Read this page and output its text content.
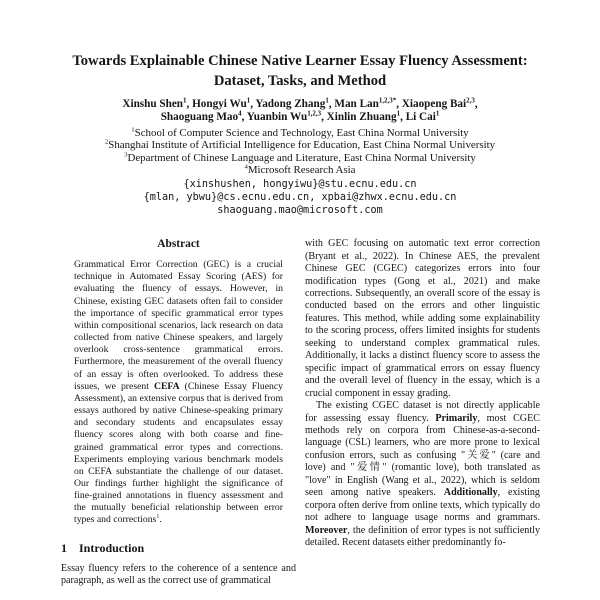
Towards Explainable Chinese Native Learner Essay Fluency Assessment:
Dataset, Tasks, and Method
Xinshu Shen$^1$, Hongyi Wu$^1$, Yadong Zhang$^1$, Man Lan$^{1,2,3*}$, Xiaopeng Bai$^{2,3}$,
Shaoguang Mao$^4$, Yuanbin Wu$^{1,2,3}$, Xinlin Zhuang$^1$, Li Cai$^1$
$^1$School of Computer Science and Technology, East China Normal University
$^2$Shanghai Institute of Artificial Intelligence for Education, East China Normal University
$^3$Department of Chinese Language and Literature, East China Normal University
$^4$Microsoft Research Asia
{xinshushen, hongyiwu}@stu.ecnu.edu.cn
{mlan, ybwu}@cs.ecnu.edu.cn, xpbai@zhwx.ecnu.edu.cn
shaoguang.mao@microsoft.com
Abstract

Grammatical Error Correction (GEC) is a crucial technique in Automated Essay Scoring (AES) for evaluating the fluency of essays. However, in Chinese, existing GEC datasets often fail to consider the importance of specific grammatical error types within compositional scenarios, lack research on data collected from native Chinese speakers, and largely overlook cross-sentence grammatical errors. Furthermore, the measurement of the overall fluency of an essay is often overlooked. To address these issues, we present CEFA (Chinese Essay Fluency Assessment), an extensive corpus that is derived from essays authored by native Chinese-speaking primary and secondary students and encapsulates essay fluency scores along with both coarse and fine-grained grammatical error types and corrections. Experiments employing various benchmark models on CEFA substantiate the challenge of our dataset. Our findings further highlight the significance of fine-grained annotations in fluency assessment and the mutually beneficial relationship between error types and corrections$^1$.

1 Introduction

Essay fluency refers to the coherence of a sentence and paragraph, as well as the correct use of grammatical

with GEC focusing on automatic text error correction (Bryant et al., 2022). In Chinese AES, the prevalent Chinese GEC (CGEC) categorizes errors into four modification types (Gong et al., 2021) and make corrections. Subsequently, an overall score of the essay is conducted based on the errors and other linguistic features. This method, while adding some explainability to the scoring process, offers limited insights for students seeking to understand complex grammatical rules. Additionally, it lacks a distinct fluency score to assess the specific impact of grammatical errors on essay fluency and the overall level of fluency in the essay, which is a crucial component in essay grading.

The existing CGEC dataset is not directly applicable for assessing essay fluency. Primarily, most CGEC methods rely on corpora from Chinese-as-a-second-language (CSL) learners, who are more prone to lexical confusion errors, such as confusing "关爱" (care and love) and "爱情" (romantic love), both translated as "love" in English (Wang et al., 2022), which is seldom seen among native speakers. Additionally, existing corpora often derive from online texts, which typically do not adhere to language usage norms and grammars. Moreover, the definition of error types is not sufficiently detailed. Recent datasets either predominantly fo-
